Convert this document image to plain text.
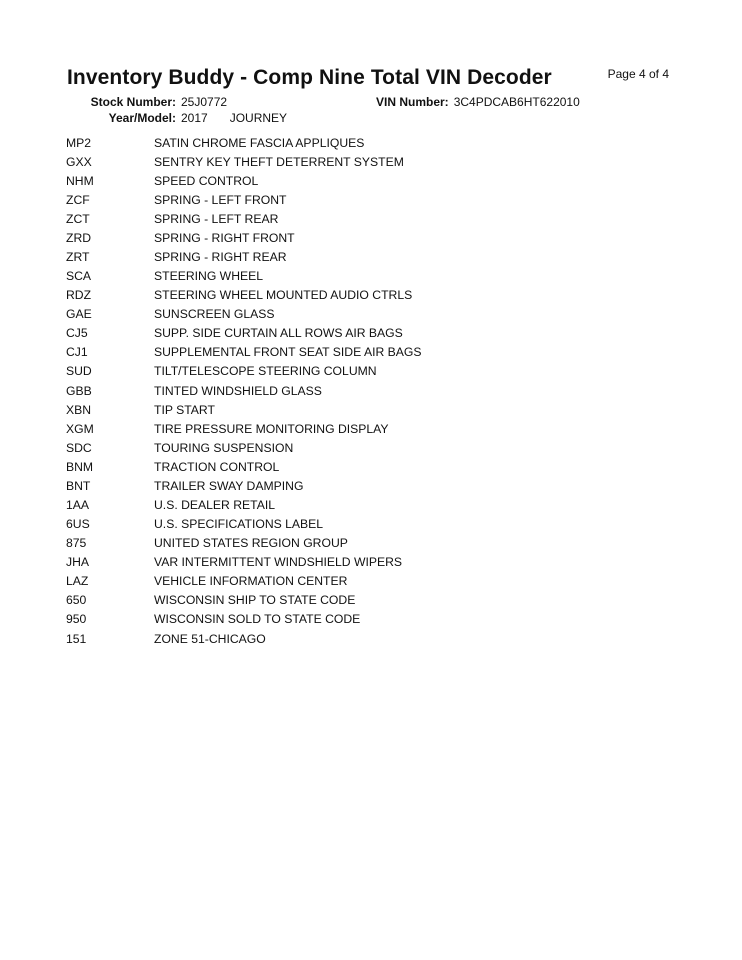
Inventory Buddy - Comp Nine Total VIN Decoder	Page 4 of 4
Stock Number: 25J0772	VIN Number: 3C4PDCAB6HT622010
Year/Model: 2017 JOURNEY
MP2	SATIN CHROME FASCIA APPLIQUES
GXX	SENTRY KEY THEFT DETERRENT SYSTEM
NHM	SPEED CONTROL
ZCF	SPRING - LEFT FRONT
ZCT	SPRING - LEFT REAR
ZRD	SPRING - RIGHT FRONT
ZRT	SPRING - RIGHT REAR
SCA	STEERING WHEEL
RDZ	STEERING WHEEL MOUNTED AUDIO CTRLS
GAE	SUNSCREEN GLASS
CJ5	SUPP. SIDE CURTAIN ALL ROWS AIR BAGS
CJ1	SUPPLEMENTAL FRONT SEAT SIDE AIR BAGS
SUD	TILT/TELESCOPE STEERING COLUMN
GBB	TINTED WINDSHIELD GLASS
XBN	TIP START
XGM	TIRE PRESSURE MONITORING DISPLAY
SDC	TOURING SUSPENSION
BNM	TRACTION CONTROL
BNT	TRAILER SWAY DAMPING
1AA	U.S. DEALER RETAIL
6US	U.S. SPECIFICATIONS LABEL
875	UNITED STATES REGION GROUP
JHA	VAR INTERMITTENT WINDSHIELD WIPERS
LAZ	VEHICLE INFORMATION CENTER
650	WISCONSIN SHIP TO STATE CODE
950	WISCONSIN SOLD TO STATE CODE
151	ZONE 51-CHICAGO
